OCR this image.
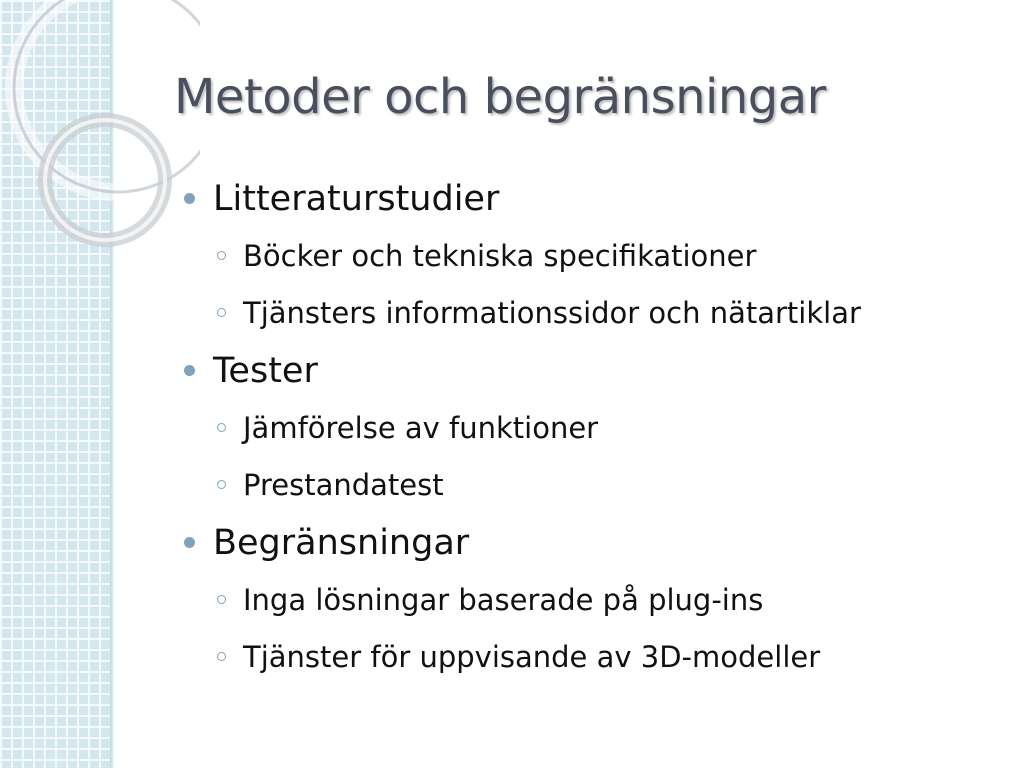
Metoder och begränsningar
Litteraturstudier
Böcker och tekniska specifikationer
Tjänsters informationssidor och nätartiklar
Tester
Jämförelse av funktioner
Prestandatest
Begränsningar
Inga lösningar baserade på plug-ins
Tjänster för uppvisande av 3D-modeller
